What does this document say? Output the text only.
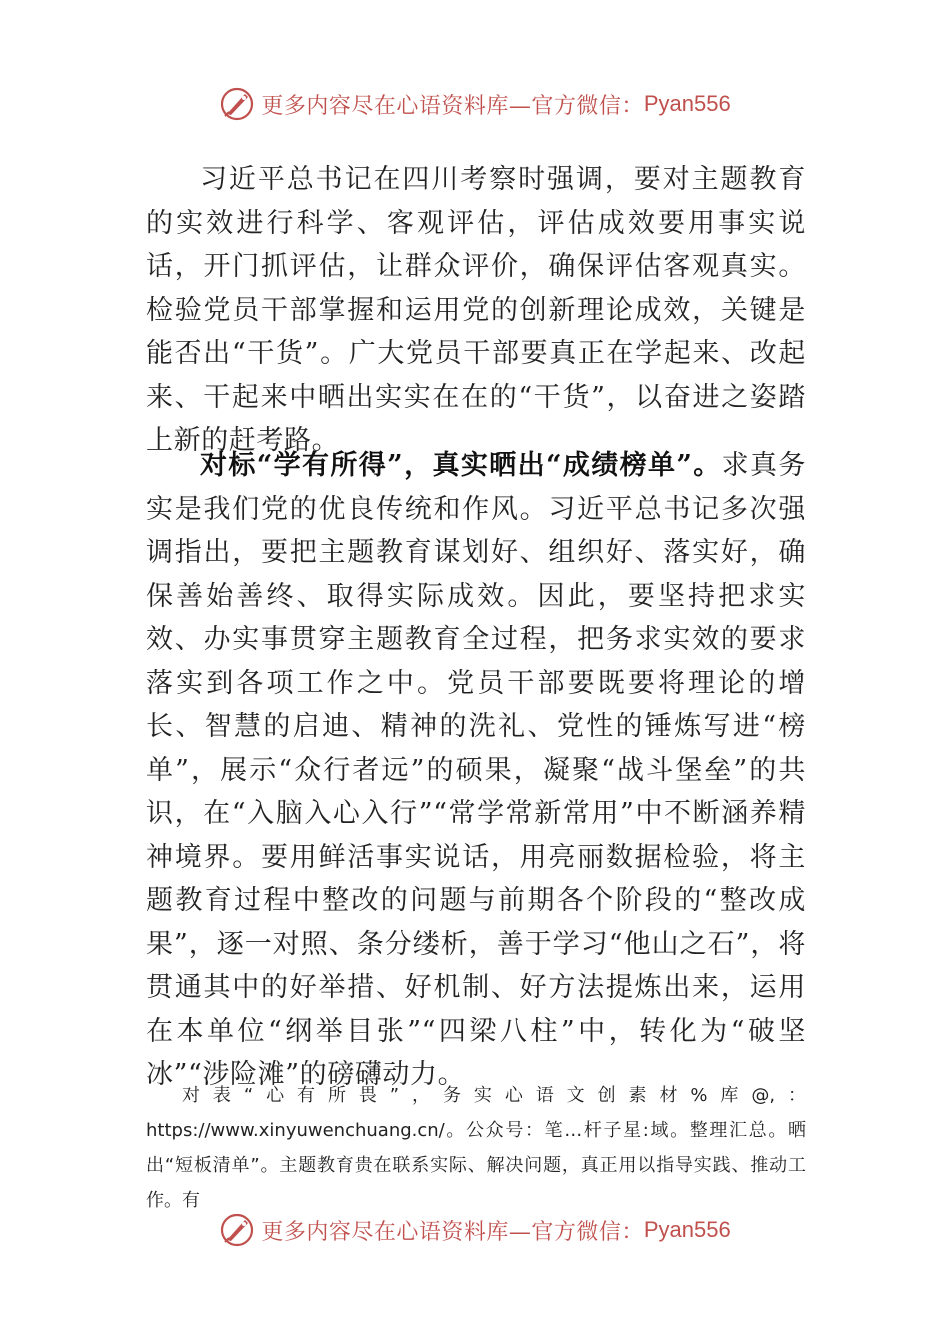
更多内容尽在心语资料库—官方微信： Pyan556

习近平总书记在四川考察时强调，要对主题教育的实效进行科学、客观评估，评估成效要用事实说话，开门抓评估，让群众评价，确保评估客观真实。检验党员干部掌握和运用党的创新理论成效，关键是能否出“干货”。广大党员干部要真正在学起来、改起来、干起来中晒出实实在在的“干货”，以奋进之姿踏上新的赶考路。

对标“学有所得”，真实晒出“成绩榜单”。求真务实是我们党的优良传统和作风。习近平总书记多次强调指出，要把主题教育谋划好、组织好、落实好，确保善始善终、取得实际成效。因此，要坚持把求实效、办实事贯穿主题教育全过程，把务求实效的要求落实到各项工作之中。党员干部要既要将理论的增长、智慧的启迪、精神的洗礼、党性的锤炼写进“榜单”，展示“众行者远”的硕果，凝聚“战斗堡垒”的共识，在“入脑入心入行”“常学常新常用”中不断涵养精神境界。要用鲜活事实说话，用亮丽数据检验，将主题教育过程中整改的问题与前期各个阶段的“整改成果”，逐一对照、条分缕析，善于学习“他山之石”，将贯通其中的好举措、好机制、好方法提炼出来，运用在本单位“纲举目张”“四梁八柱”中，转化为“破坚冰”“涉险滩”的磅礴动力。

对表“心有所畏”，务实心语文创素材%库@,：https://www.xinyuwenchuang.cn/。公众号：笔…杆子星:域。整理汇总。晒出“短板清单”。主题教育贵在联系实际、解决问题，真正用以指导实践、推动工作。有

更多内容尽在心语资料库—官方微信： Pyan556
